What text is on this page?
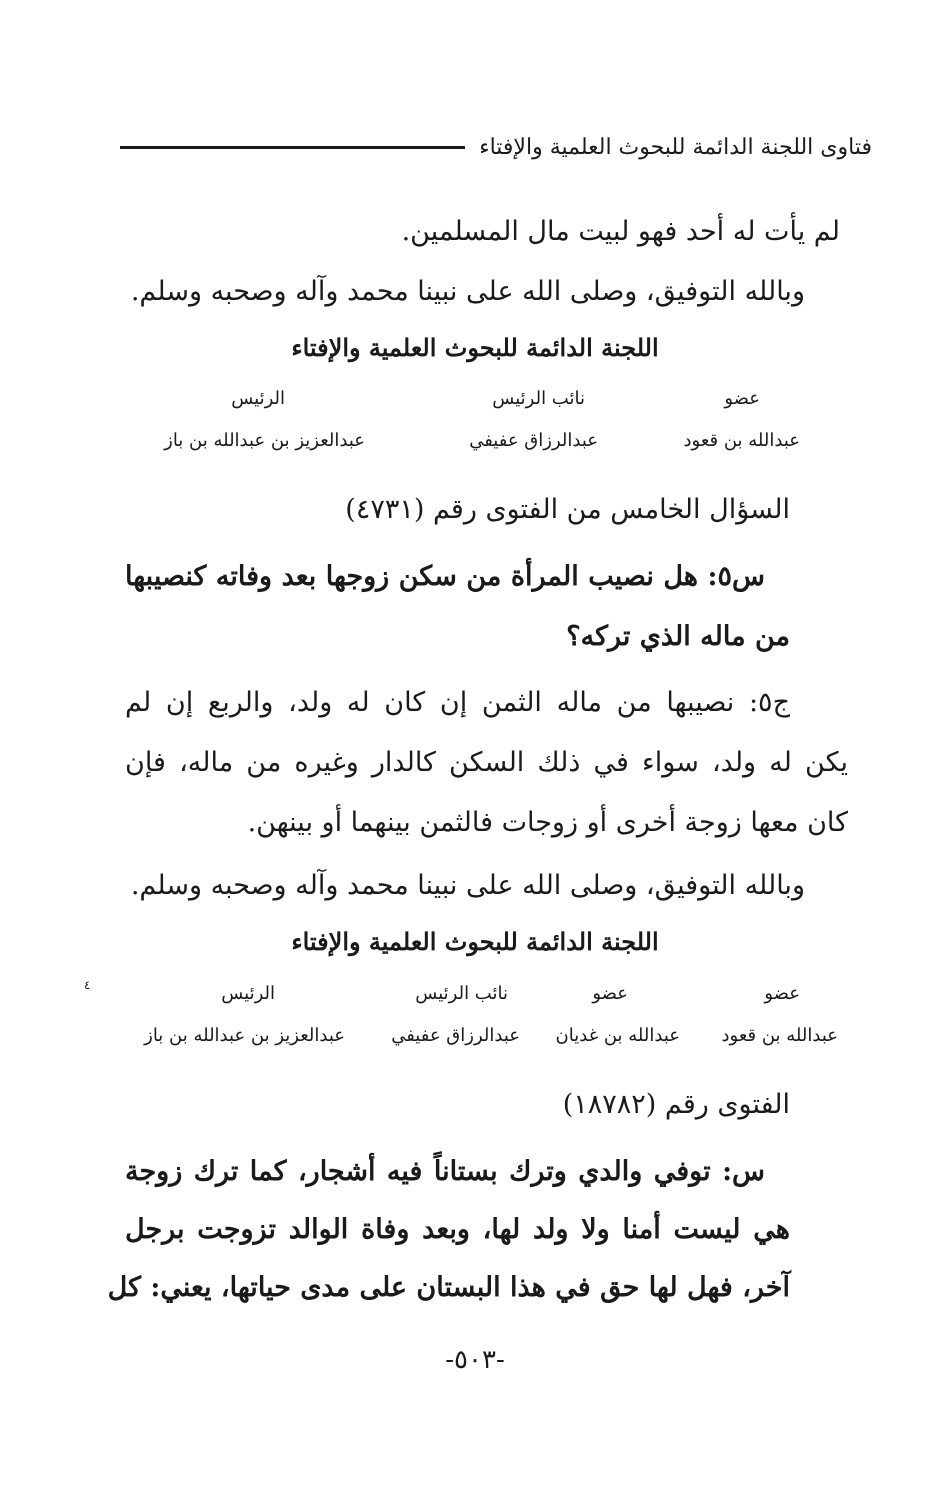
فتاوى اللجنة الدائمة للبحوث العلمية والإفتاء
لم يأت له أحد فهو لبيت مال المسلمين.
وبالله التوفيق، وصلى الله على نبينا محمد وآله وصحبه وسلم.
اللجنة الدائمة للبحوث العلمية والإفتاء
عضو
نائب الرئيس
الرئيس
عبدالله بن قعود
عبدالرزاق عفيفي
عبدالعزيز بن عبدالله بن باز
السؤال الخامس من الفتوى رقم (٤٧٣١)
س٥: هل نصيب المرأة من سكن زوجها بعد وفاته كنصيبها
من ماله الذي تركه؟
ج٥: نصيبها من ماله الثمن إن كان له ولد، والربع إن لم
يكن له ولد، سواء في ذلك السكن كالدار وغيره من ماله، فإن
كان معها زوجة أخرى أو زوجات فالثمن بينهما أو بينهن.
وبالله التوفيق، وصلى الله على نبينا محمد وآله وصحبه وسلم.
اللجنة الدائمة للبحوث العلمية والإفتاء
عضو
عضو
نائب الرئيس
الرئيس
عبدالله بن قعود
عبدالله بن غديان
عبدالرزاق عفيفي
عبدالعزيز بن عبدالله بن باز
٤
الفتوى رقم (١٨٧٨٢)
س: توفي والدي وترك بستاناً فيه أشجار، كما ترك زوجة
هي ليست أمنا ولا ولد لها، وبعد وفاة الوالد تزوجت برجل
آخر، فهل لها حق في هذا البستان على مدى حياتها، يعني: كل
-٥٠٣-
